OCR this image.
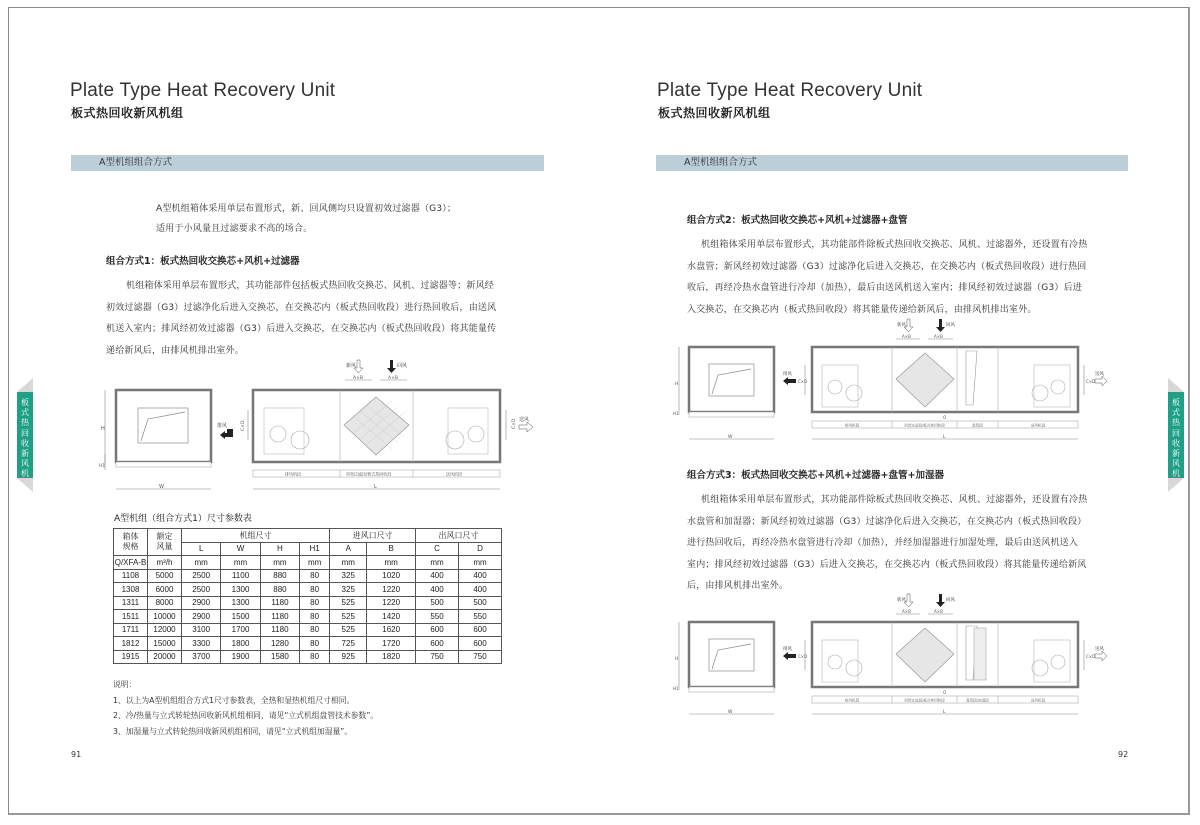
Plate Type Heat Recovery Unit
板式热回收新风机组
A型机组组合方式
A型机组箱体采用单层布置形式，新、回风侧均只设置初效过滤器（G3）；
适用于小风量且过滤要求不高的场合。
组合方式1：板式热回收交换芯+风机+过滤器
机组箱体采用单层布置形式，其功能部件包括板式热回收交换芯、风机、过滤器等；新风经
初效过滤器（G3）过滤净化后进入交换芯，在交换芯内（板式热回收段）进行热回收后，由送风
机送入室内；排风经初效过滤器（G3）后进入交换芯，在交换芯内（板式热回收段）将其能量传
递给新风后，由排风机排出室外。
H
H1
W
排风	C×D	C×D 送风
新风	回风
A×B	A×B
排风机段	初效过滤段/板式热回收段	送风机段
L
A型机组（组合方式1）尺寸参数表
箱体
规格	额定
风量	机组尺寸				进风口尺寸		出风口尺寸	
		L	W	H	H1	A	B	C	D
Q/XFA-B	m³/h	mm	mm	mm	mm	mm	mm	mm	mm
1108	5000	2500	1100	880	80	325	1020	400	400
1308	6000	2500	1300	880	80	325	1220	400	400
1311	8000	2900	1300	1180	80	525	1220	500	500
1511	10000	2900	1500	1180	80	525	1420	550	550
1711	12000	3100	1700	1180	80	525	1620	600	600
1812	15000	3300	1800	1280	80	725	1720	600	600
1915	20000	3700	1900	1580	80	925	1820	750	750
说明：
1、以上为A型机组组合方式1尺寸参数表，全热和显热机组尺寸相同。
2、冷/热量与立式转轮热回收新风机组相同，请见“立式机组盘管技术参数”。
3、加湿量与立式转轮热回收新风机组相同，请见“立式机组加湿量”。
91
板
式
热
回
收
新
风
机
组
Plate Type Heat Recovery Unit
板式热回收新风机组
A型机组组合方式
组合方式2：板式热回收交换芯+风机+过滤器+盘管
机组箱体采用单层布置形式，其功能部件除板式热回收交换芯、风机、过滤器外，还设置有冷热
水盘管；新风经初效过滤器（G3）过滤净化后进入交换芯，在交换芯内（板式热回收段）进行热回
收后，再经冷热水盘管进行冷却（加热），最后由送风机送入室内；排风经初效过滤器（G3）后进
入交换芯，在交换芯内（板式热回收段）将其能量传递给新风后，由排风机排出室外。
H
H1
W
排风
C×D	C×D
送风
新风	回风
A×B	A×B
O
排风机段	初效过滤段/板式热回收段	盘管段	送风机段
L
组合方式3：板式热回收交换芯+风机+过滤器+盘管+加湿器
机组箱体采用单层布置形式，其功能部件除板式热回收交换芯、风机、过滤器外，还设置有冷热
水盘管和加湿器；新风经初效过滤器（G3）过滤净化后进入交换芯，在交换芯内（板式热回收段）
进行热回收后，再经冷热水盘管进行冷却（加热），并经加湿器进行加湿处理，最后由送风机送入
室内；排风经初效过滤器（G3）后进入交换芯，在交换芯内（板式热回收段）将其能量传递给新风
后，由排风机排出室外。
H
H1
W
排风
C×D	C×D
送风
新风	回风
A×B	A×B
O
排风机段	初效过滤段/板式热回收段	盘管段/加湿段	送风机段
L
92
板
式
热
回
收
新
风
机
组
